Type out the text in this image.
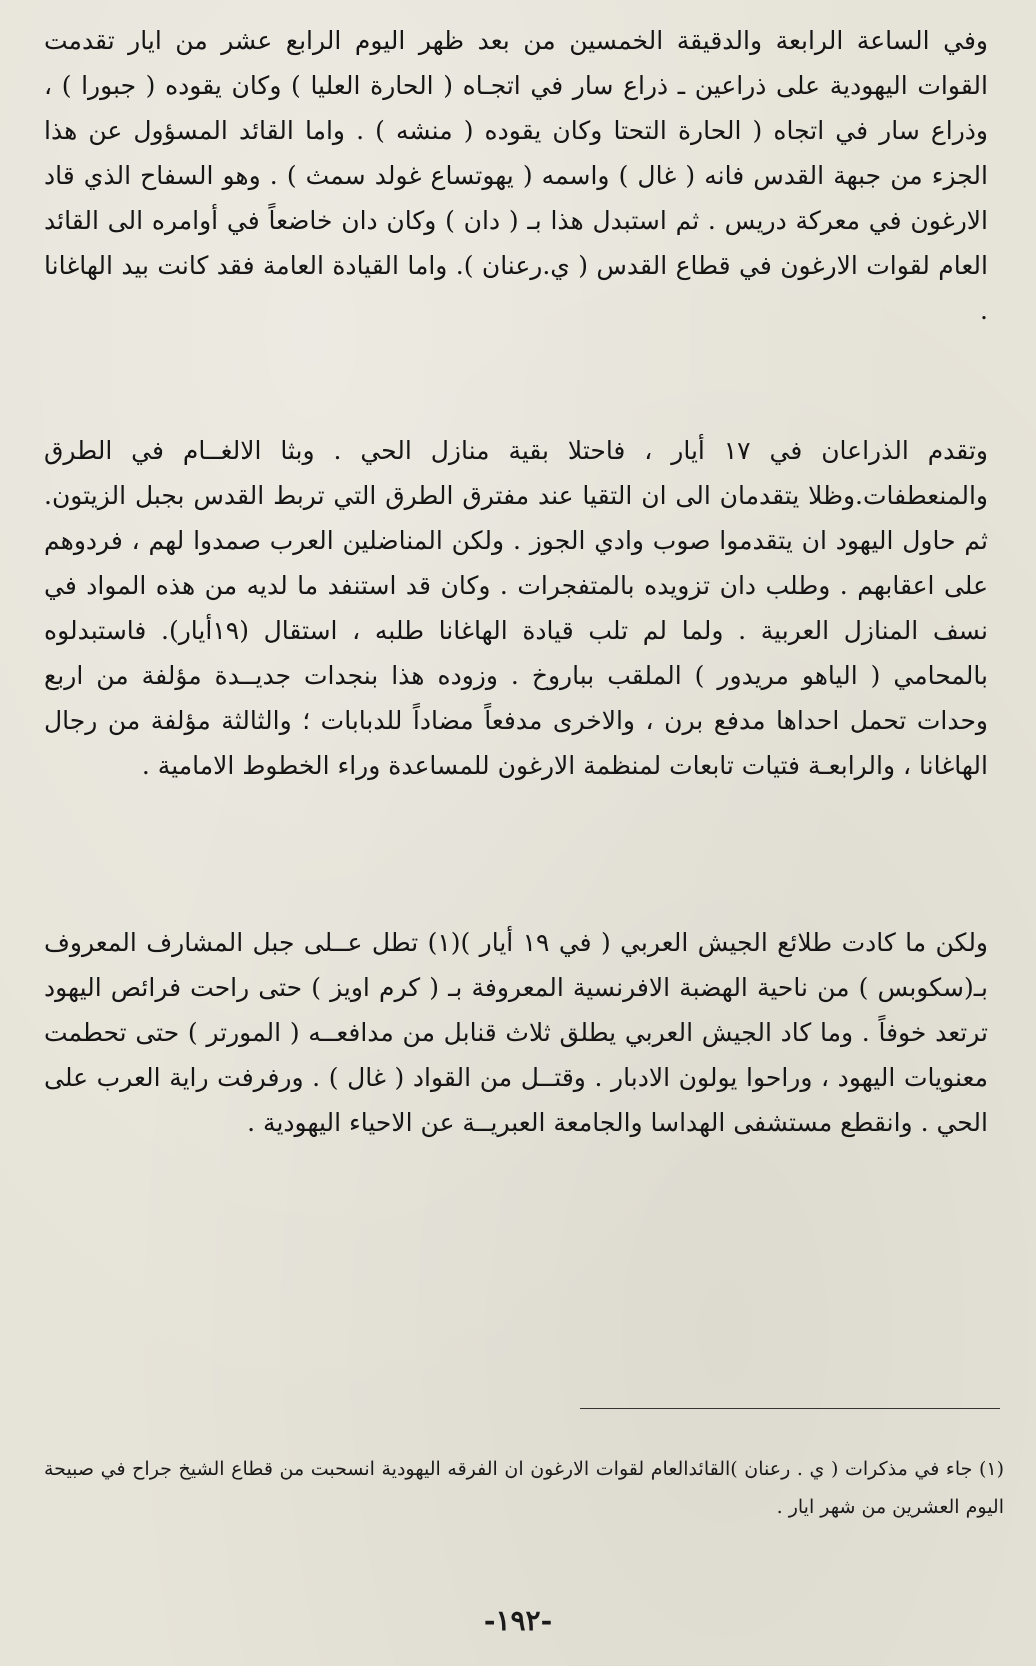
وفي الساعة الرابعة والدقيقة الخمسين من بعد ظهر اليوم الرابع عشر من ايار تقدمت القوات اليهودية على ذراعين ـ ذراع سار في اتجـاه ( الحارة العليا ) وكان يقوده ( جبورا ) ، وذراع سار في اتجاه ( الحارة التحتا وكان يقوده ( منشه ) . واما القائد المسؤول عن هذا الجزء من جبهة القدس فانه ( غال ) واسمه ( يهوتساع غولد سمث ) . وهو السفاح الذي قاد الارغون في معركة دريس . ثم استبدل هذا بـ ( دان ) وكان دان خاضعاً في أوامره الى القائد العام لقوات الارغون في قطاع القدس ( ي.رعنان ). واما القيادة العامة فقد كانت بيد الهاغانا .

وتقدم الذراعان في ١٧ أيار ، فاحتلا بقية منازل الحي . وبثا الالغــام في الطرق والمنعطفات.وظلا يتقدمان الى ان التقيا عند مفترق الطرق التي تربط القدس بجبل الزيتون. ثم حاول اليهود ان يتقدموا صوب وادي الجوز . ولكن المناضلين العرب صمدوا لهم ، فردوهم على اعقابهم . وطلب دان تزويده بالمتفجرات . وكان قد استنفد ما لديه من هذه المواد في نسف المنازل العربية . ولما لم تلب قيادة الهاغانا طلبه ، استقال (١٩أيار). فاستبدلوه بالمحامي ( الياهو مريدور ) الملقب بباروخ . وزوده هذا بنجدات جديــدة مؤلفة من اربع وحدات تحمل احداها مدفع برن ، والاخرى مدفعاً مضاداً للدبابات ؛ والثالثة مؤلفة من رجال الهاغانا ، والرابعـة فتيات تابعات لمنظمة الارغون للمساعدة وراء الخطوط الامامية .

ولكن ما كادت طلائع الجيش العربي ( في ١٩ أيار )(١) تطل عــلى جبل المشارف المعروف بـ(سكوبس ) من ناحية الهضبة الافرنسية المعروفة بـ ( كرم اويز ) حتى راحت فرائص اليهود ترتعد خوفاً . وما كاد الجيش العربي يطلق ثلاث قنابل من مدافعــه ( المورتر ) حتى تحطمت معنويات اليهود ، وراحوا يولون الادبار . وقتــل من القواد ( غال ) . ورفرفت راية العرب على الحي . وانقطع مستشفى الهداسا والجامعة العبريــة عن الاحياء اليهودية .

(١) جاء في مذكرات ( ي . رعنان )القائدالعام لقوات الارغون ان الفرقه اليهودية انسحبت من قطاع الشيخ جراح في صبيحة اليوم العشرين من شهر ايار .

-١٩٢-
